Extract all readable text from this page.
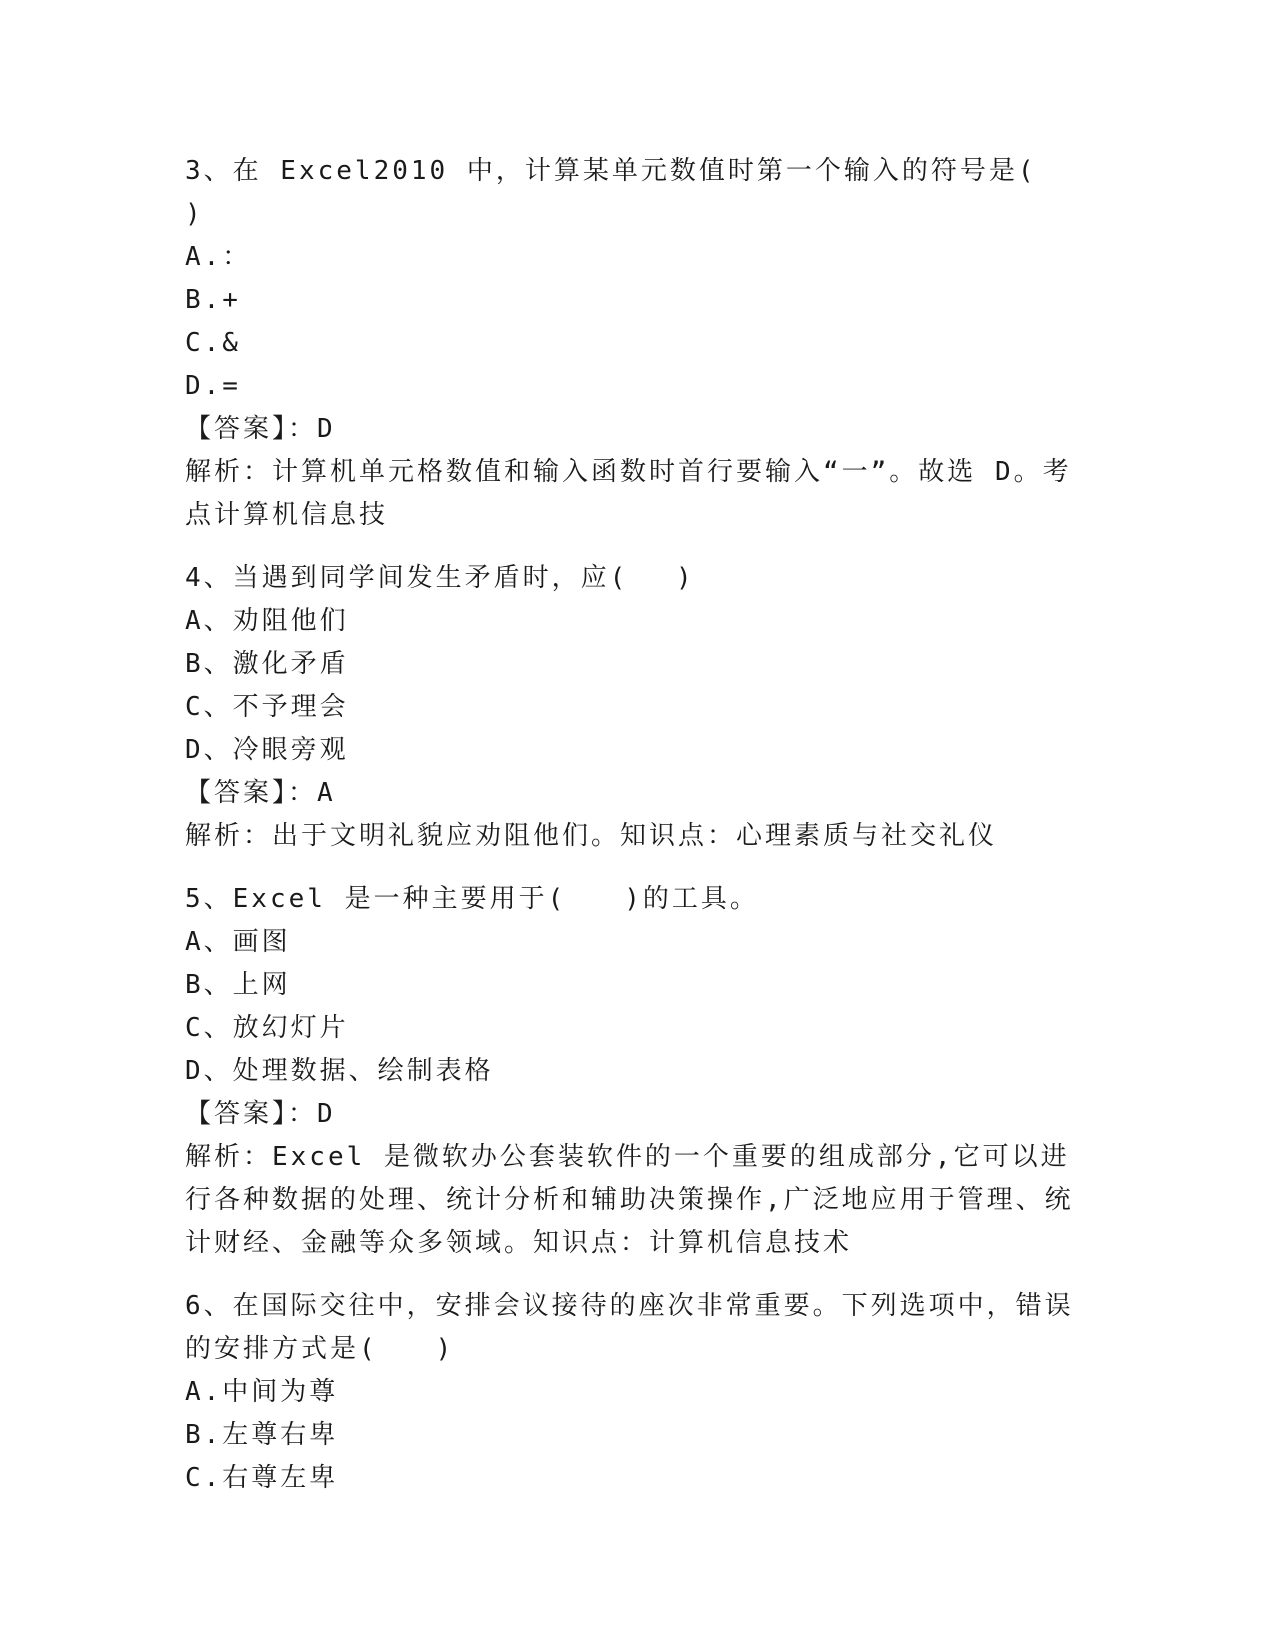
3、在 Excel2010 中，计算某单元数值时第一个输入的符号是(　　)
A.：
B.+
C.&
D.=
【答案】：D
解析：计算机单元格数值和输入函数时首行要输入“一”。故选 D。考点计算机信息技
4、当遇到同学间发生矛盾时，应(　 )
A、劝阻他们
B、激化矛盾
C、不予理会
D、冷眼旁观
【答案】：A
解析：出于文明礼貌应劝阻他们。知识点：心理素质与社交礼仪
5、Excel 是一种主要用于(　　)的工具。
A、画图
B、上网
C、放幻灯片
D、处理数据、绘制表格
【答案】：D
解析：Excel 是微软办公套装软件的一个重要的组成部分,它可以进行各种数据的处理、统计分析和辅助决策操作,广泛地应用于管理、统计财经、金融等众多领域。知识点：计算机信息技术
6、在国际交往中，安排会议接待的座次非常重要。下列选项中，错误的安排方式是(　　)
A.中间为尊
B.左尊右卑
C.右尊左卑
